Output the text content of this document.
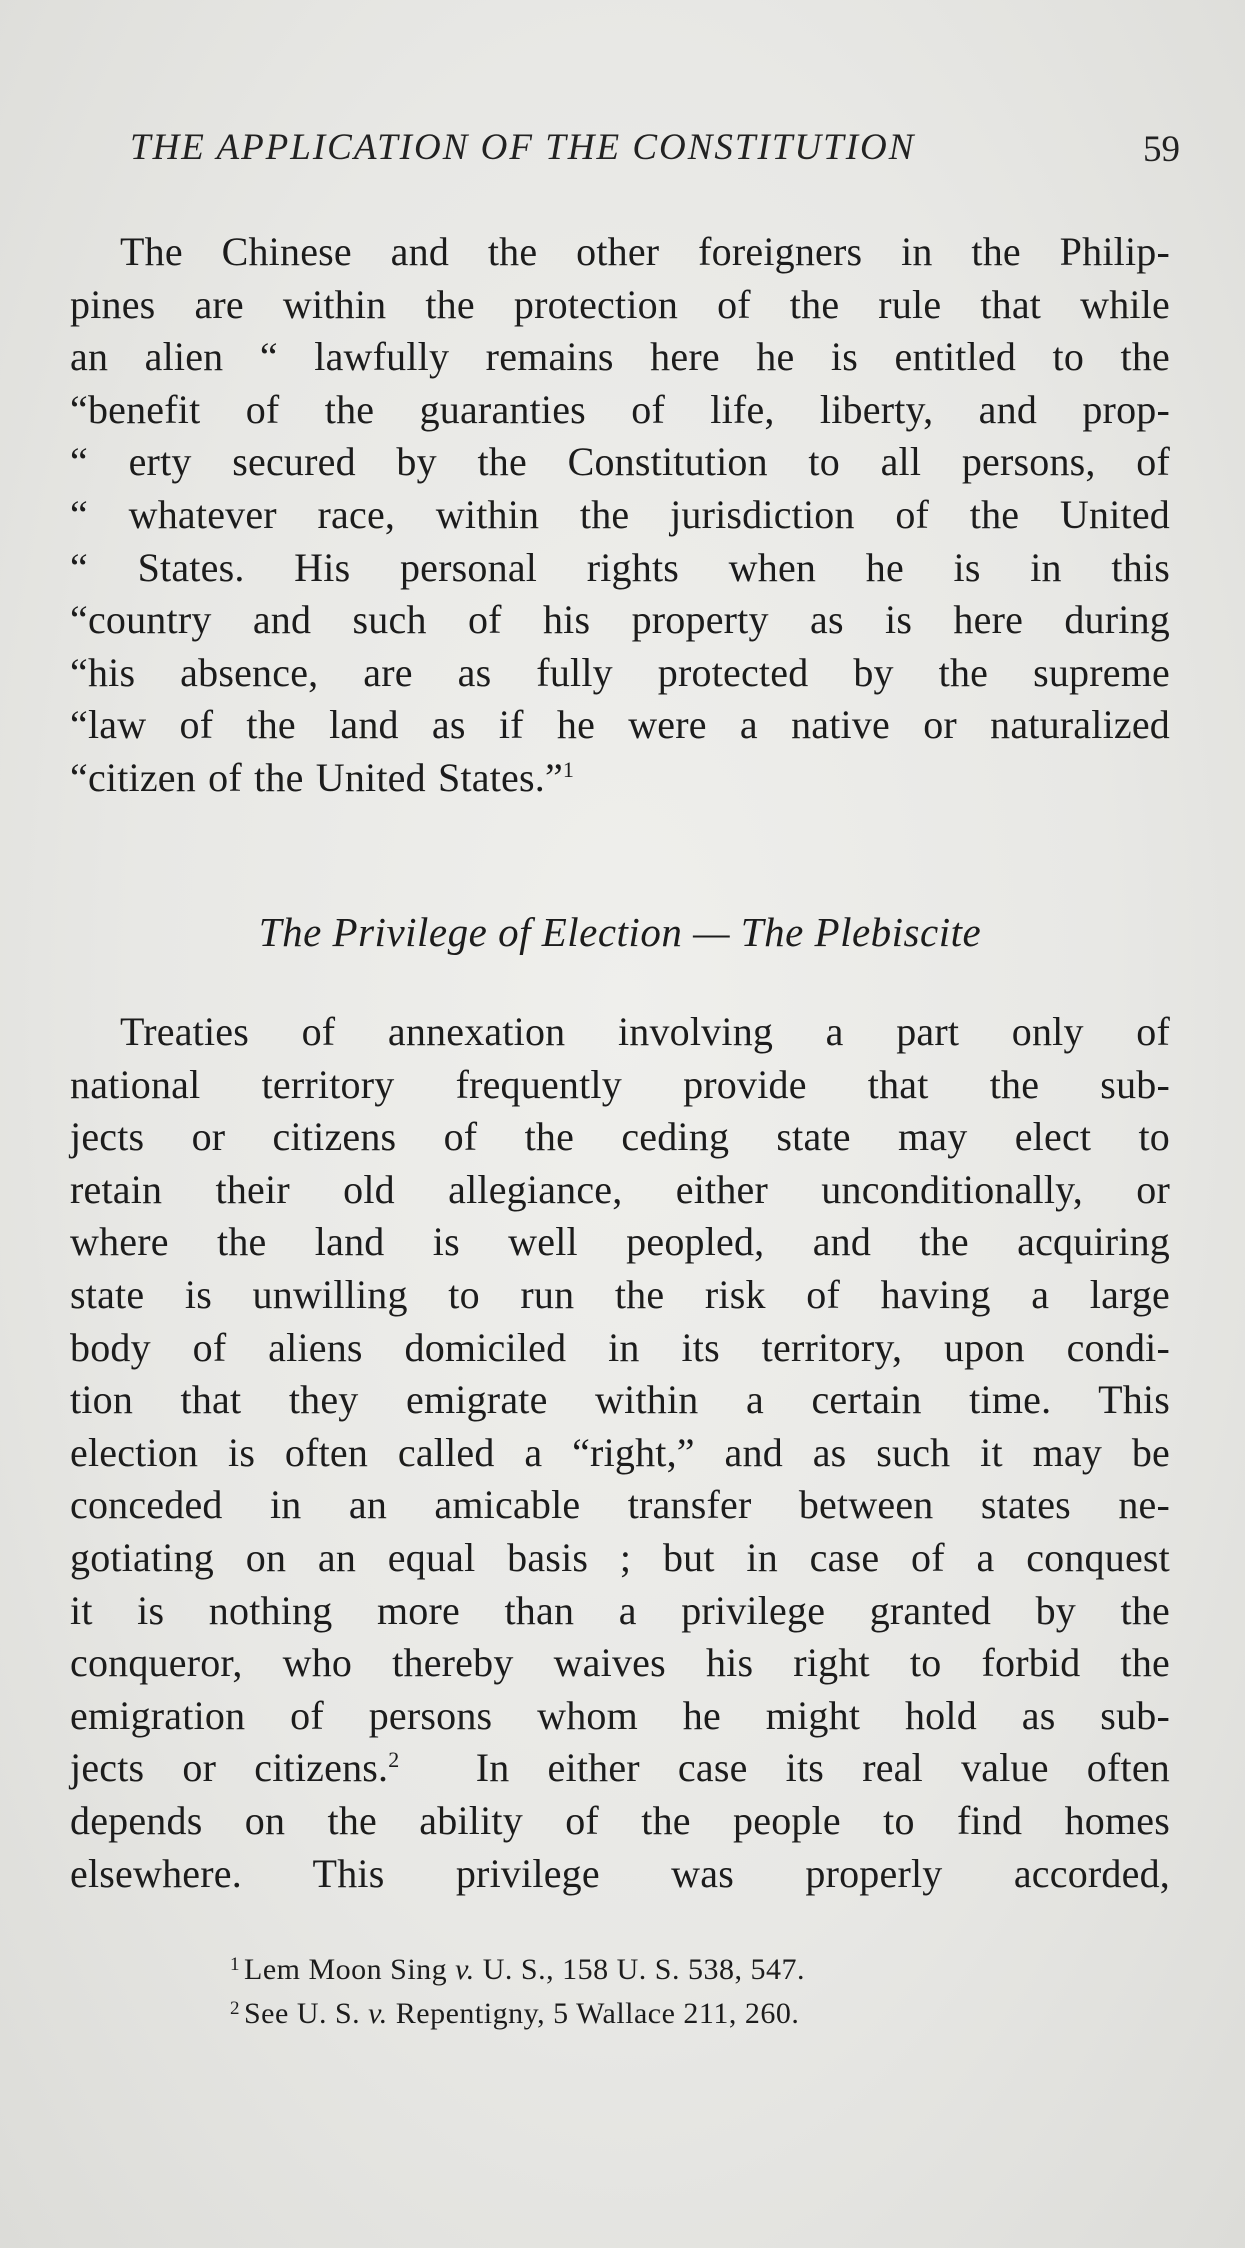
THE APPLICATION OF THE CONSTITUTION	59
The Chinese and the other foreigners in the Philip-
pines are within the protection of the rule that while
an alien “ lawfully remains here he is entitled to the
“benefit of the guaranties of life, liberty, and prop-
“ erty secured by the Constitution to all persons, of
“ whatever race, within the jurisdiction of the United
“ States. His personal rights when he is in this
“country and such of his property as is here during
“his absence, are as fully protected by the supreme
“law of the land as if he were a native or naturalized
“citizen of the United States.”$^1$
The Privilege of Election — The Plebiscite
Treaties of annexation involving a part only of
national territory frequently provide that the sub-
jects or citizens of the ceding state may elect to
retain their old allegiance, either unconditionally, or
where the land is well peopled, and the acquiring
state is unwilling to run the risk of having a large
body of aliens domiciled in its territory, upon condi-
tion that they emigrate within a certain time. This
election is often called a “right,” and as such it may be
conceded in an amicable transfer between states ne-
gotiating on an equal basis ; but in case of a conquest
it is nothing more than a privilege granted by the
conqueror, who thereby waives his right to forbid the
emigration of persons whom he might hold as sub-
jects or citizens.$^2$  In either case its real value often
depends on the ability of the people to find homes
elsewhere. This privilege was properly accorded,
$^1$ Lem Moon Sing v. U. S., 158 U. S. 538, 547.
$^2$ See U. S. v. Repentigny, 5 Wallace 211, 260.
